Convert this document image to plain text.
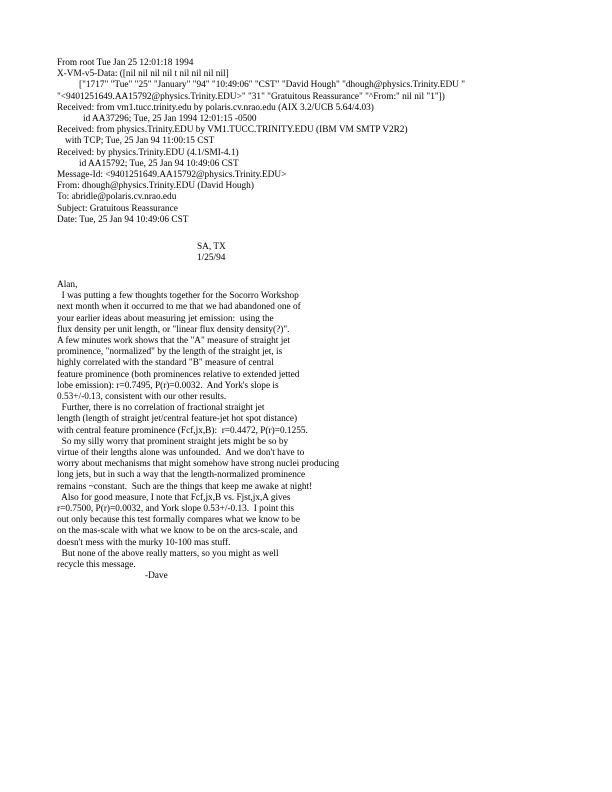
From root Tue Jan 25 12:01:18 1994
X-VM-v5-Data: ([nil nil nil nil t nil nil nil nil]
["1717" "Tue" "25" "January" "94" "10:49:06" "CST" "David Hough" "dhough@physics.Trinity.EDU "
"<9401251649.AA15792@physics.Trinity.EDU>" "31" "Gratuitous Reassurance" "^From:" nil nil "1"])
Received: from vm1.tucc.trinity.edu by polaris.cv.nrao.edu (AIX 3.2/UCB 5.64/4.03)
id AA37296; Tue, 25 Jan 1994 12:01:15 -0500
Received: from physics.Trinity.EDU by VM1.TUCC.TRINITY.EDU (IBM VM SMTP V2R2)
with TCP; Tue, 25 Jan 94 11:00:15 CST
Received: by physics.Trinity.EDU (4.1/SMI-4.1)
id AA15792; Tue, 25 Jan 94 10:49:06 CST
Message-Id: <9401251649.AA15792@physics.Trinity.EDU>
From: dhough@physics.Trinity.EDU (David Hough)
To: abridle@polaris.cv.nrao.edu
Subject: Gratuitous Reassurance
Date: Tue, 25 Jan 94 10:49:06 CST
SA, TX
1/25/94
Alan,
I was putting a few thoughts together for the Socorro Workshop
next month when it occurred to me that we had abandoned one of
your earlier ideas about measuring jet emission:  using the
flux density per unit length, or "linear flux density density(?)".
A few minutes work shows that the "A" measure of straight jet
prominence, "normalized" by the length of the straight jet, is
highly correlated with the standard "B" measure of central
feature prominence (both prominences relative to extended jetted
lobe emission): r=0.7495, P(r)=0.0032.  And York's slope is
0.53+/-0.13, consistent with our other results.
Further, there is no correlation of fractional straight jet
length (length of straight jet/central feature-jet hot spot distance)
with central feature prominence (Fcf,jx,B):  r=0.4472, P(r)=0.1255.
So my silly worry that prominent straight jets might be so by
virtue of their lengths alone was unfounded.  And we don't have to
worry about mechanisms that might somehow have strong nuclei producing
long jets, but in such a way that the length-normalized prominence
remains ~constant.  Such are the things that keep me awake at night!
Also for good measure, I note that Fcf,jx,B vs. Fjst,jx,A gives
r=0.7500, P(r)=0.0032, and York slope 0.53+/-0.13.  I point this
out only because this test formally compares what we know to be
on the mas-scale with what we know to be on the arcs-scale, and
doesn't mess with the murky 10-100 mas stuff.
But none of the above really matters, so you might as well
recycle this message.
-Dave
